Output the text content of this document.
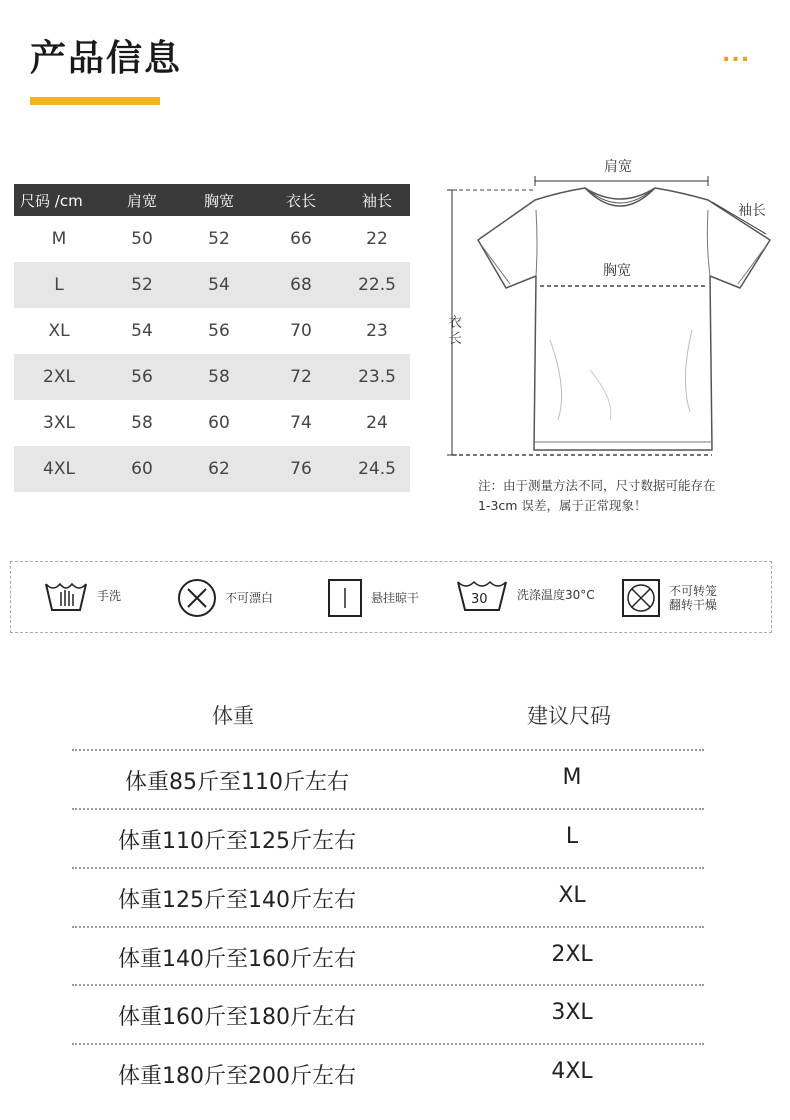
产品信息	...
尺码 /cm	肩宽	胸宽	衣长	袖长
M	50	52	66	22
L	52	54	68	22.5
XL	54	56	70	23
2XL	56	58	72	23.5
3XL	58	60	74	24
4XL	60	62	76	24.5
肩宽
袖长
胸宽
衣长
注：由于测量方法不同，尺寸数据可能存在
1-3cm 误差，属于正常现象！
手洗	不可漂白	悬挂晾干	30 洗涤温度30°C	不可转笼
翻转干燥
体重	建议尺码
体重85斤至110斤左右	M
体重110斤至125斤左右	L
体重125斤至140斤左右	XL
体重140斤至160斤左右	2XL
体重160斤至180斤左右	3XL
体重180斤至200斤左右	4XL
